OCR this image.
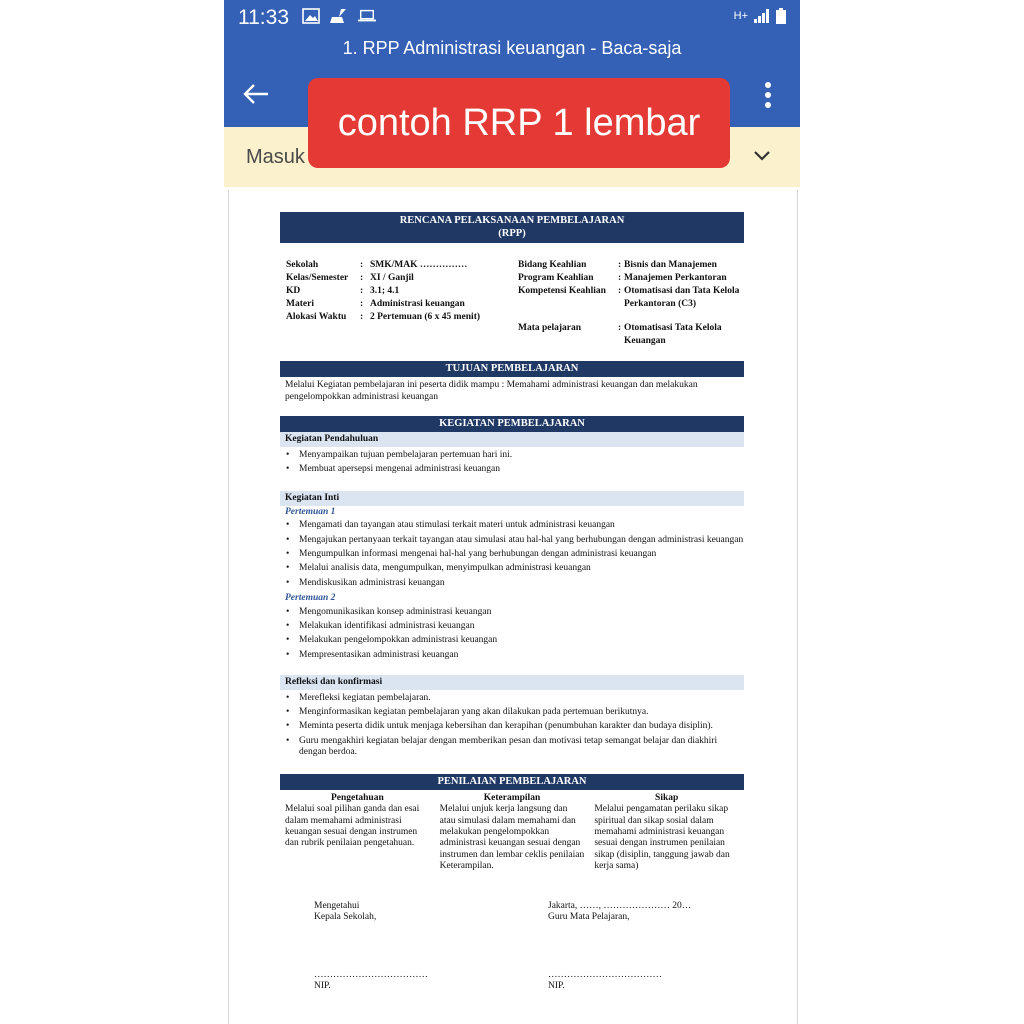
11:33	H+
1. RPP Administrasi keuangan - Baca-saja
Masuk
contoh RRP 1 lembar
RENCANA PELAKSANAAN PEMBELAJARAN
(RPP)
Sekolah	: SMK/MAK ……………
Kelas/Semester	: XI / Ganjil
KD	: 3.1; 4.1
Materi	: Administrasi keuangan
Alokasi Waktu	: 2 Pertemuan (6 x 45 menit)
Bidang Keahlian	: Bisnis dan Manajemen
Program Keahlian	: Manajemen Perkantoran
Kompetensi Keahlian	: Otomatisasi dan Tata Kelola Perkantoran (C3)
Mata pelajaran	: Otomatisasi Tata Kelola Keuangan
TUJUAN PEMBELAJARAN
Melalui Kegiatan pembelajaran ini peserta didik mampu : Memahami administrasi keuangan dan melakukan pengelompokkan administrasi keuangan
KEGIATAN PEMBELAJARAN
Kegiatan Pendahuluan
• Menyampaikan tujuan pembelajaran pertemuan hari ini.
• Membuat apersepsi mengenai administrasi keuangan
Kegiatan Inti
Pertemuan 1
• Mengamati dan tayangan atau stimulasi terkait materi untuk administrasi keuangan
• Mengajukan pertanyaan terkait tayangan atau simulasi atau hal-hal yang berhubungan dengan administrasi keuangan
• Mengumpulkan informasi mengenai hal-hal yang berhubungan dengan administrasi keuangan
• Melalui analisis data, mengumpulkan, menyimpulkan administrasi keuangan
• Mendiskusikan administrasi keuangan
Pertemuan 2
• Mengomunikasikan konsep administrasi keuangan
• Melakukan identifikasi administrasi keuangan
• Melakukan pengelompokkan administrasi keuangan
• Mempresentasikan administrasi keuangan
Refleksi dan konfirmasi
• Merefleksi kegiatan pembelajaran.
• Menginformasikan kegiatan pembelajaran yang akan dilakukan pada pertemuan berikutnya.
• Meminta peserta didik untuk menjaga kebersihan dan kerapihan (penumbuhan karakter dan budaya disiplin).
• Guru mengakhiri kegiatan belajar dengan memberikan pesan dan motivasi tetap semangat belajar dan diakhiri dengan berdoa.
PENILAIAN PEMBELAJARAN
Pengetahuan
Melalui soal pilihan ganda dan esai dalam memahami administrasi keuangan sesuai dengan instrumen dan rubrik penilaian pengetahuan.
Keterampilan
Melalui unjuk kerja langsung dan atau simulasi dalam memahami dan melakukan pengelompokkan administrasi keuangan sesuai dengan instrumen dan lembar ceklis penilaian Keterampilan.
Sikap
Melalui pengamatan perilaku sikap spiritual dan sikap sosial dalam memahami administrasi keuangan sesuai dengan instrumen penilaian sikap (disiplin, tanggung jawab dan kerja sama)
Mengetahui
Kepala Sekolah,
………………………………
NIP.
Jakarta, ……, ………………… 20…
Guru Mata Pelajaran,
………………………………
NIP.
